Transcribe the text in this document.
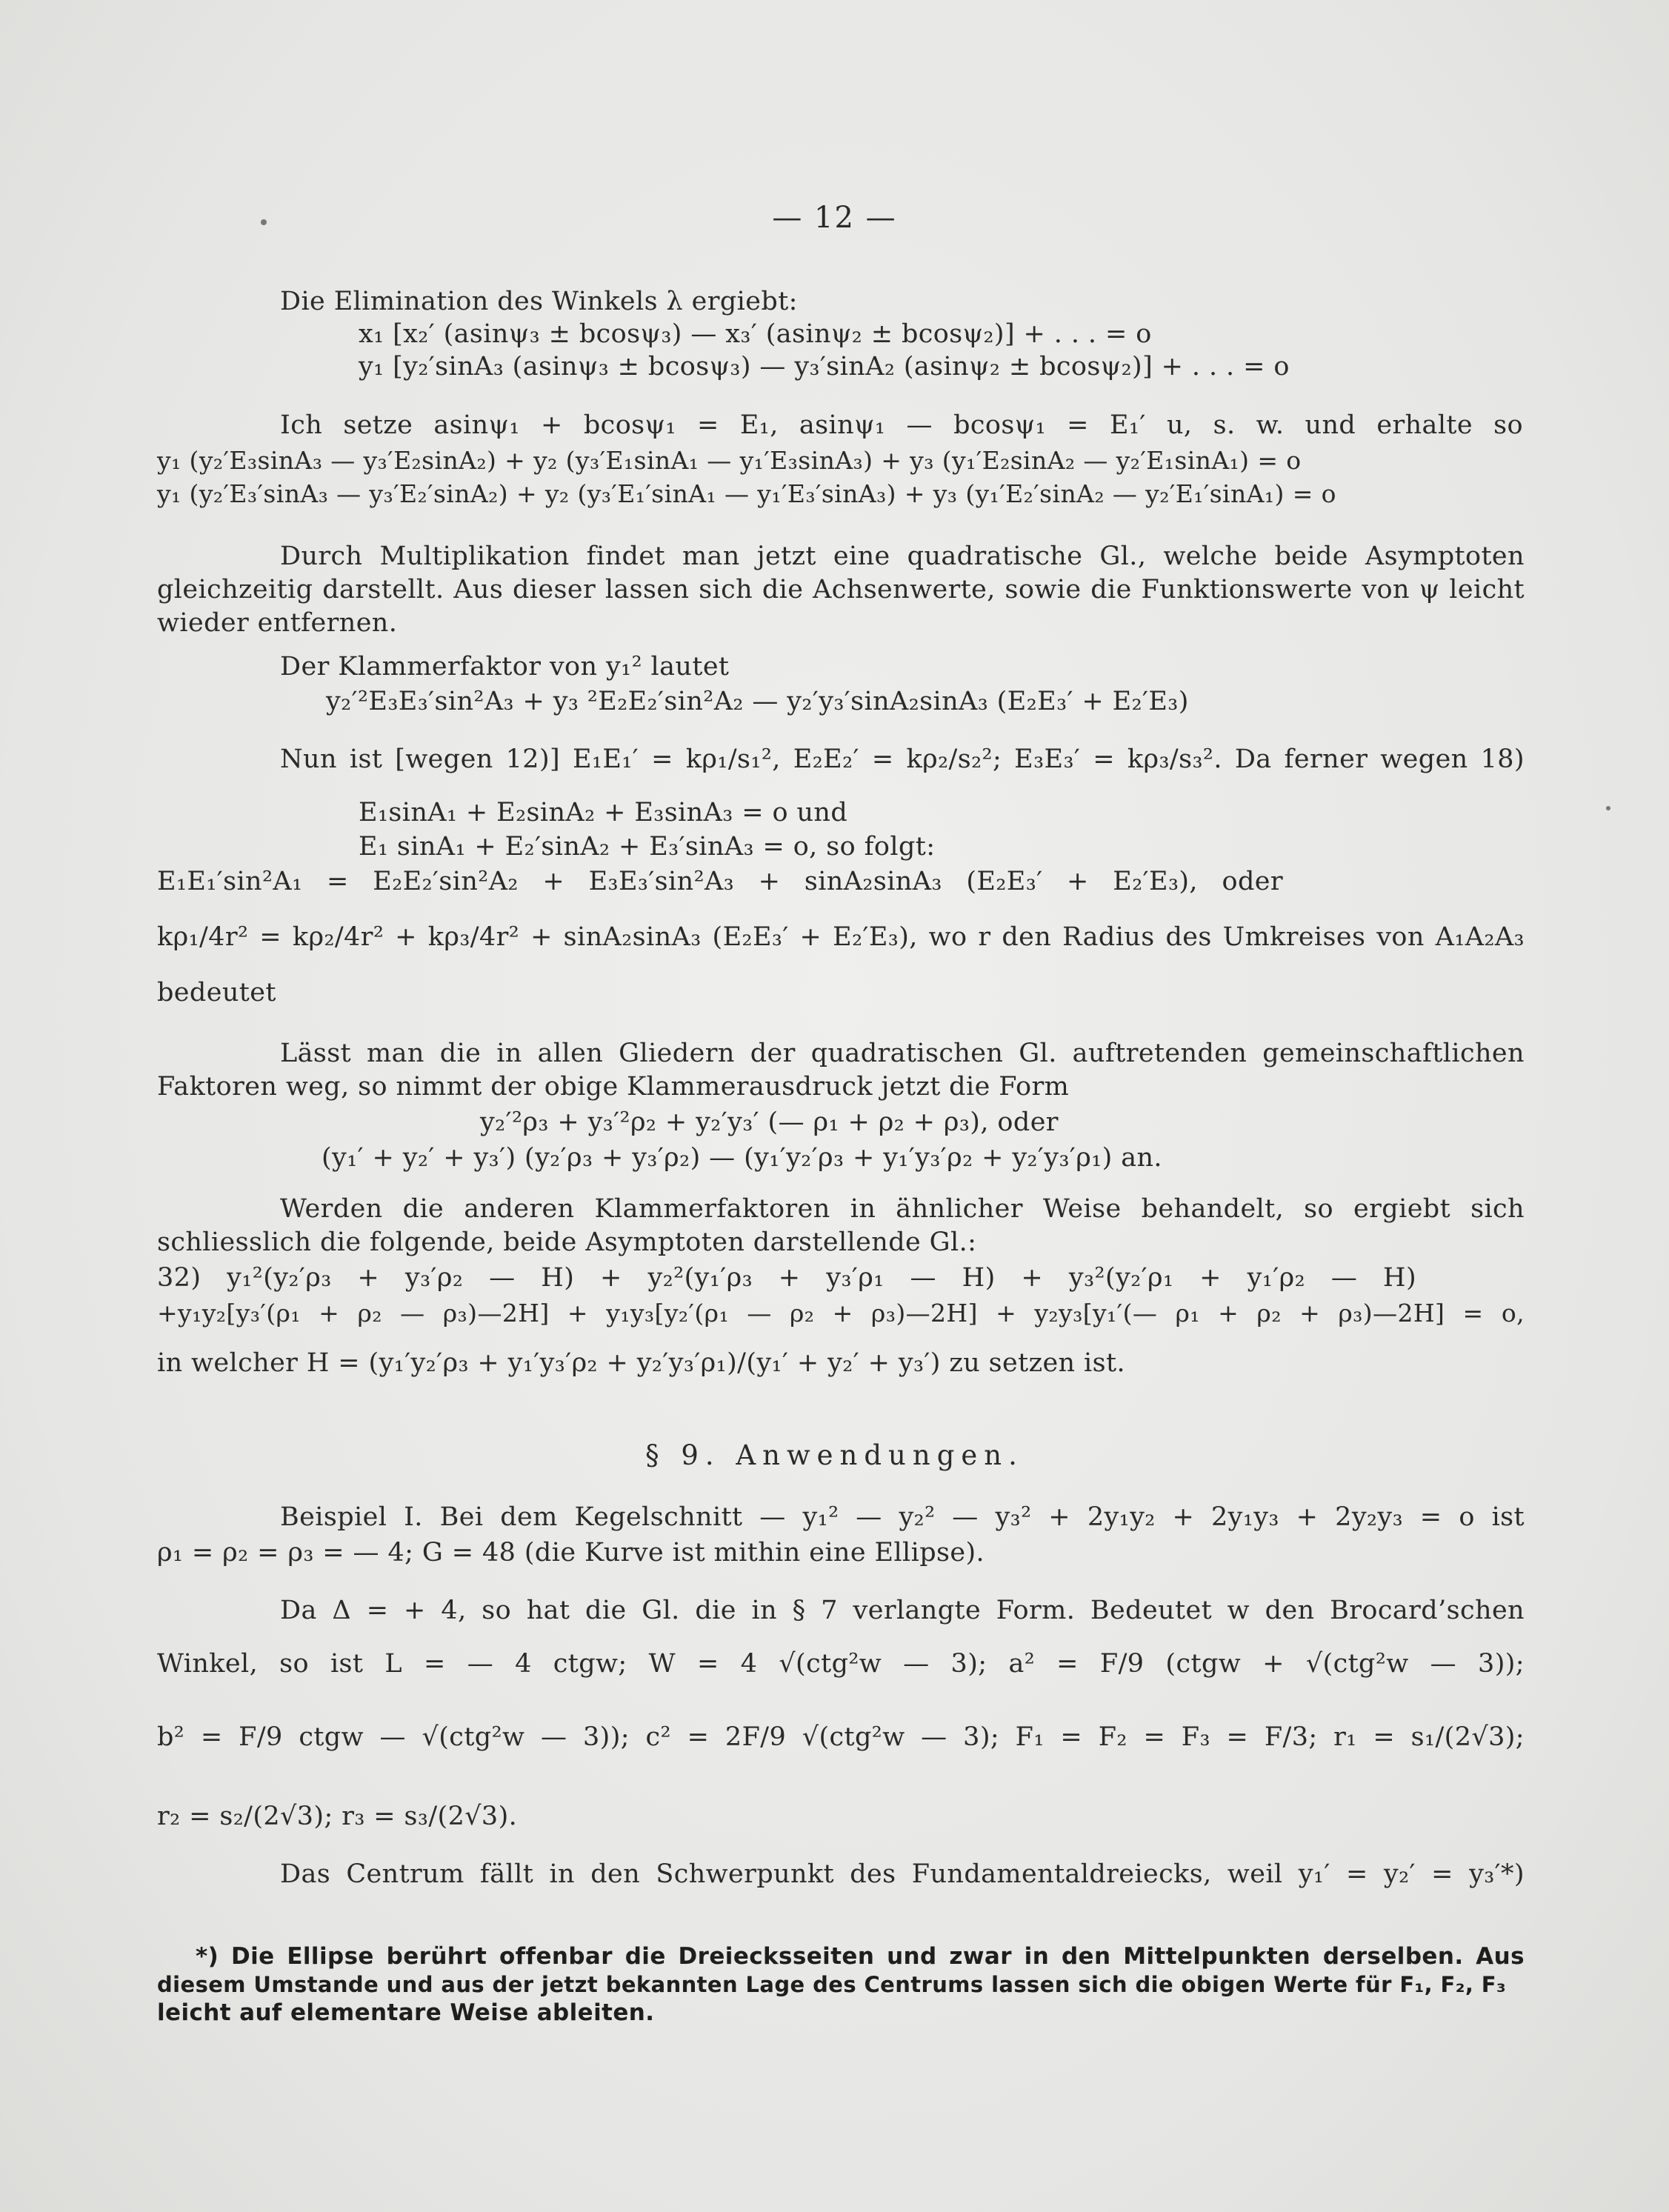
— 12 —
Die Elimination des Winkels λ ergiebt:
x₁ [x₂′ (asinψ₃ ± bcosψ₃) — x₃′ (asinψ₂ ± bcosψ₂)] + . . . = o
y₁ [y₂′sinA₃ (asinψ₃ ± bcosψ₃) — y₃′sinA₂ (asinψ₂ ± bcosψ₂)] + . . . = o
Ich setze asinψ₁ + bcosψ₁ = E₁, asinψ₁ — bcosψ₁ = E₁′ u, s. w. und erhalte so
y₁ (y₂′E₃sinA₃ — y₃′E₂sinA₂) + y₂ (y₃′E₁sinA₁ — y₁′E₃sinA₃) + y₃ (y₁′E₂sinA₂ — y₂′E₁sinA₁) = o
y₁ (y₂′E₃′sinA₃ — y₃′E₂′sinA₂) + y₂ (y₃′E₁′sinA₁ — y₁′E₃′sinA₃) + y₃ (y₁′E₂′sinA₂ — y₂′E₁′sinA₁) = o
Durch Multiplikation findet man jetzt eine quadratische Gl., welche beide Asymptoten
gleichzeitig darstellt. Aus dieser lassen sich die Achsenwerte, sowie die Funktionswerte von ψ leicht
wieder entfernen.
Der Klammerfaktor von y₁² lautet
y₂′²E₃E₃′sin²A₃ + y₃ ²E₂E₂′sin²A₂ — y₂′y₃′sinA₂sinA₃ (E₂E₃′ + E₂′E₃)
Nun ist [wegen 12)] E₁E₁′ = kρ₁/s₁², E₂E₂′ = kρ₂/s₂²; E₃E₃′ = kρ₃/s₃². Da ferner wegen 18)
E₁sinA₁ + E₂sinA₂ + E₃sinA₃ = o und
E₁ sinA₁ + E₂′sinA₂ + E₃′sinA₃ = o, so folgt:
E₁E₁′sin²A₁ = E₂E₂′sin²A₂ + E₃E₃′sin²A₃ + sinA₂sinA₃ (E₂E₃′ + E₂′E₃), oder
kρ₁/4r² = kρ₂/4r² + kρ₃/4r² + sinA₂sinA₃ (E₂E₃′ + E₂′E₃), wo r den Radius des Umkreises von A₁A₂A₃
bedeutet
Lässt man die in allen Gliedern der quadratischen Gl. auftretenden gemeinschaftlichen
Faktoren weg, so nimmt der obige Klammerausdruck jetzt die Form
y₂′²ρ₃ + y₃′²ρ₂ + y₂′y₃′ (— ρ₁ + ρ₂ + ρ₃), oder
(y₁′ + y₂′ + y₃′) (y₂′ρ₃ + y₃′ρ₂) — (y₁′y₂′ρ₃ + y₁′y₃′ρ₂ + y₂′y₃′ρ₁) an.
Werden die anderen Klammerfaktoren in ähnlicher Weise behandelt, so ergiebt sich
schliesslich die folgende, beide Asymptoten darstellende Gl.:
32) y₁²(y₂′ρ₃ + y₃′ρ₂ — H) + y₂²(y₁′ρ₃ + y₃′ρ₁ — H) + y₃²(y₂′ρ₁ + y₁′ρ₂ — H)
+y₁y₂[y₃′(ρ₁ + ρ₂ — ρ₃)—2H] + y₁y₃[y₂′(ρ₁ — ρ₂ + ρ₃)—2H] + y₂y₃[y₁′(— ρ₁ + ρ₂ + ρ₃)—2H] = o,
in welcher H = (y₁′y₂′ρ₃ + y₁′y₃′ρ₂ + y₂′y₃′ρ₁)/(y₁′ + y₂′ + y₃′) zu setzen ist.
§ 9. Anwendungen.
Beispiel I. Bei dem Kegelschnitt — y₁² — y₂² — y₃² + 2y₁y₂ + 2y₁y₃ + 2y₂y₃ = o ist
ρ₁ = ρ₂ = ρ₃ = — 4; G = 48 (die Kurve ist mithin eine Ellipse).
Da Δ = + 4, so hat die Gl. die in § 7 verlangte Form. Bedeutet w den Brocard’schen
Winkel, so ist L = — 4 ctgw; W = 4 √(ctg²w — 3); a² = F/9 (ctgw + √(ctg²w — 3));
b² = F/9 ctgw — √(ctg²w — 3)); c² = 2F/9 √(ctg²w — 3); F₁ = F₂ = F₃ = F/3; r₁ = s₁/(2√3);
r₂ = s₂/(2√3); r₃ = s₃/(2√3).
Das Centrum fällt in den Schwerpunkt des Fundamentaldreiecks, weil y₁′ = y₂′ = y₃′*)
*) Die Ellipse berührt offenbar die Dreiecksseiten und zwar in den Mittelpunkten derselben. Aus
diesem Umstande und aus der jetzt bekannten Lage des Centrums lassen sich die obigen Werte für F₁, F₂, F₃
leicht auf elementare Weise ableiten.
